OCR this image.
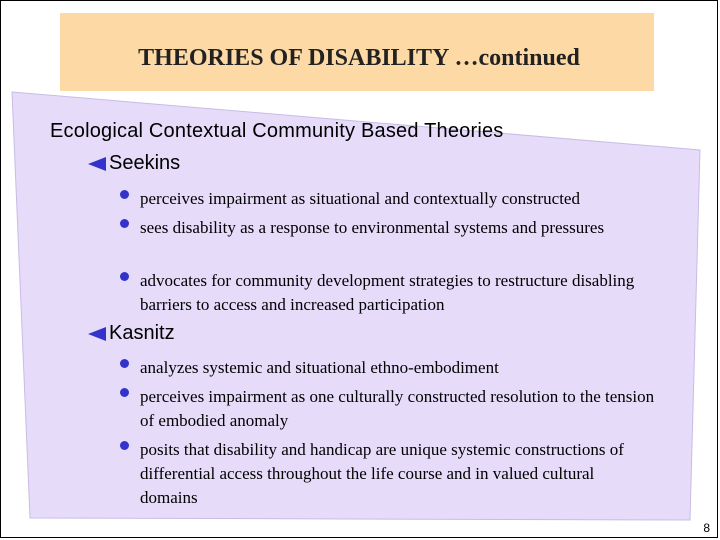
THEORIES OF DISABILITY …continued
Ecological Contextual Community Based Theories
Seekins
perceives impairment as situational and contextually constructed
sees disability as a response to environmental systems and pressures
advocates for community development strategies to restructure disabling barriers to access and increased participation
Kasnitz
analyzes systemic and situational ethno-embodiment
perceives impairment as one culturally constructed resolution to the tension of embodied anomaly
posits that disability and handicap are unique systemic constructions of differential access throughout the life course and in valued cultural domains
8
